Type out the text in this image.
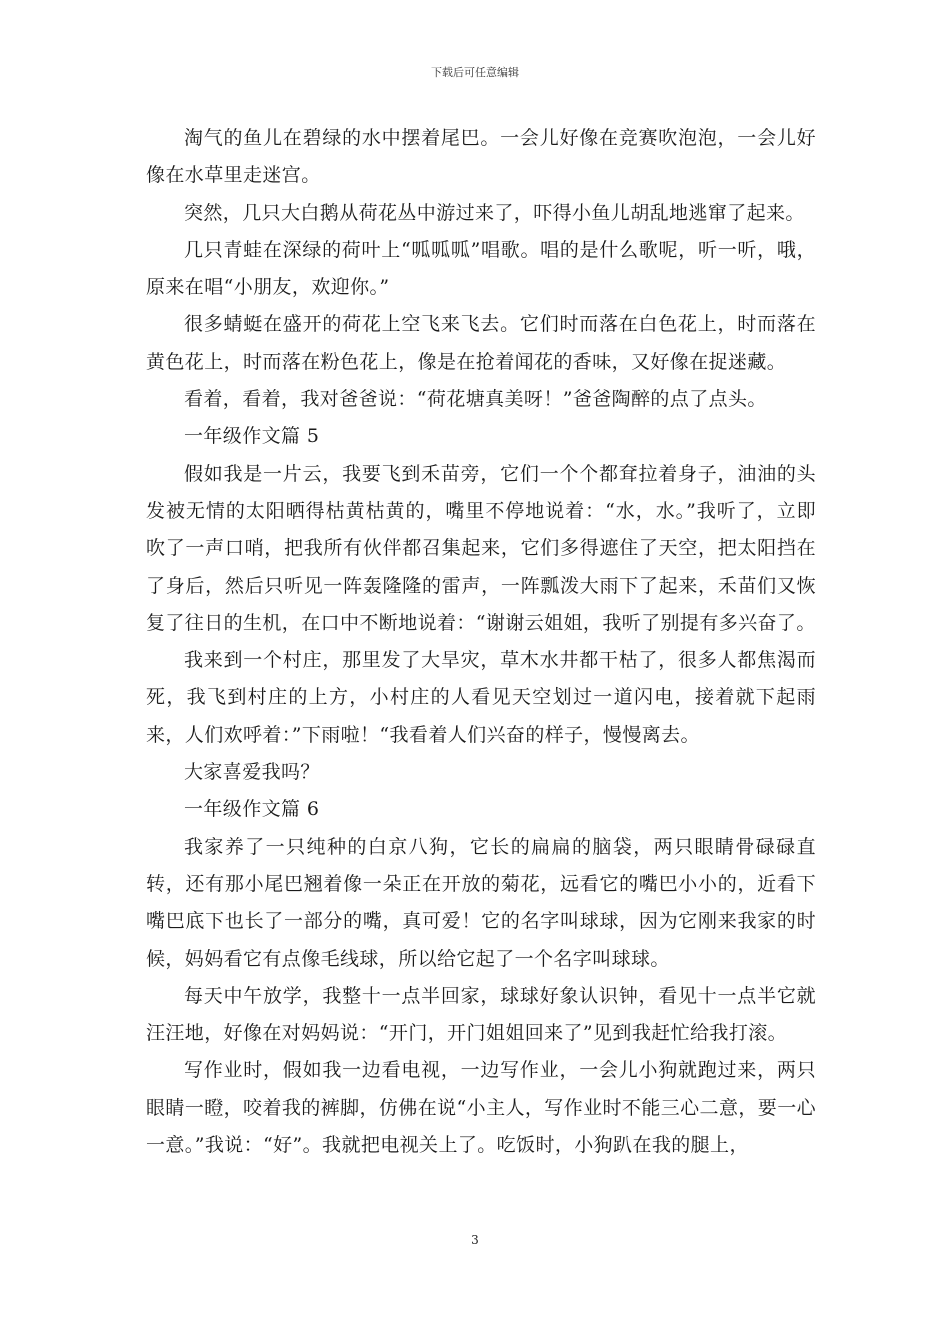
下载后可任意编辑

淘气的鱼儿在碧绿的水中摆着尾巴。一会儿好像在竞赛吹泡泡，一会儿好像在水草里走迷宫。

突然，几只大白鹅从荷花丛中游过来了，吓得小鱼儿胡乱地逃窜了起来。

几只青蛙在深绿的荷叶上“呱呱呱”唱歌。唱的是什么歌呢，听一听，哦，原来在唱“小朋友，欢迎你。”

很多蜻蜓在盛开的荷花上空飞来飞去。它们时而落在白色花上，时而落在黄色花上，时而落在粉色花上，像是在抢着闻花的香味，又好像在捉迷藏。

看着，看着，我对爸爸说：“荷花塘真美呀！”爸爸陶醉的点了点头。

一年级作文篇 5

假如我是一片云，我要飞到禾苗旁，它们一个个都耷拉着身子，油油的头发被无情的太阳晒得枯黄枯黄的，嘴里不停地说着：“水，水。”我听了，立即吹了一声口哨，把我所有伙伴都召集起来，它们多得遮住了天空，把太阳挡在了身后，然后只听见一阵轰隆隆的雷声，一阵瓢泼大雨下了起来，禾苗们又恢复了往日的生机，在口中不断地说着：“谢谢云姐姐，我听了别提有多兴奋了。

我来到一个村庄，那里发了大旱灾，草木水井都干枯了，很多人都焦渴而死，我飞到村庄的上方，小村庄的人看见天空划过一道闪电，接着就下起雨来，人们欢呼着：”下雨啦！“我看着人们兴奋的样子，慢慢离去。

大家喜爱我吗？

一年级作文篇 6

我家养了一只纯种的白京八狗，它长的扁扁的脑袋，两只眼睛骨碌碌直转，还有那小尾巴翘着像一朵正在开放的菊花，远看它的嘴巴小小的，近看下嘴巴底下也长了一部分的嘴，真可爱！它的名字叫球球，因为它刚来我家的时候，妈妈看它有点像毛线球，所以给它起了一个名字叫球球。

每天中午放学，我整十一点半回家，球球好象认识钟，看见十一点半它就汪汪地，好像在对妈妈说：“开门，开门姐姐回来了”见到我赶忙给我打滚。

写作业时，假如我一边看电视，一边写作业，一会儿小狗就跑过来，两只眼睛一瞪，咬着我的裤脚，仿佛在说“小主人，写作业时不能三心二意，要一心一意。”我说：“好”。我就把电视关上了。吃饭时，小狗趴在我的腿上，

3
